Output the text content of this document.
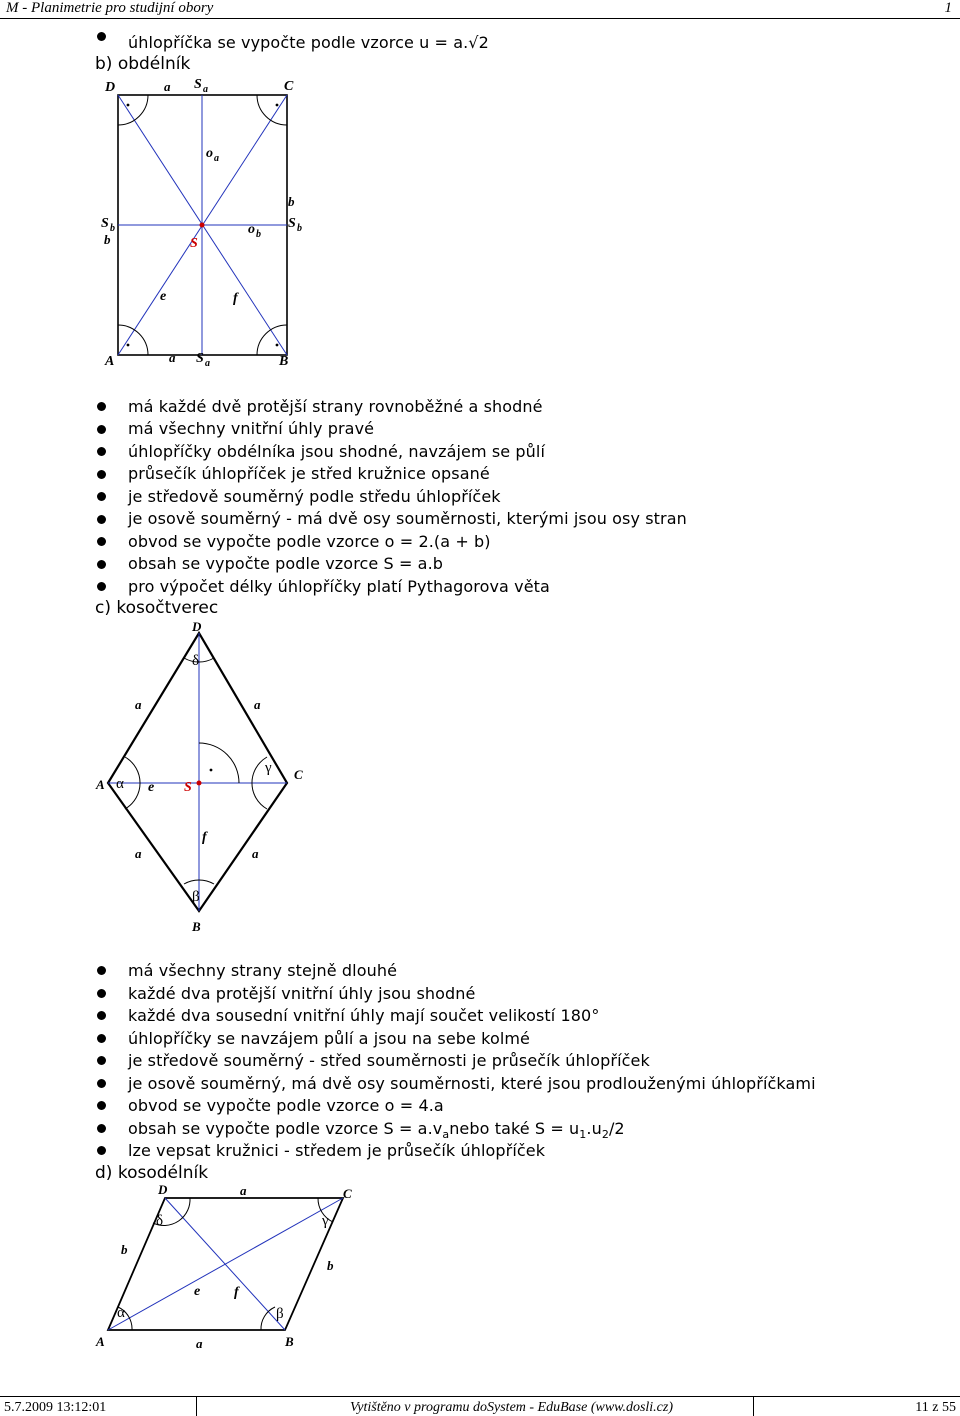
M - Planimetrie pro studijní obory	1
úhlopříčka se vypočte podle vzorce u = a.√2
b) obdélník
D	C
A	B
a
a
S a
S a
S b
b
b
S b
o a
o b
S
e	f
má každé dvě protější strany rovnoběžné a shodné
má všechny vnitřní úhly pravé
úhlopříčky obdélníka jsou shodné, navzájem se půlí
průsečík úhlopříček je střed kružnice opsané
je středově souměrný podle středu úhlopříček
je osově souměrný - má dvě osy souměrnosti, kterými jsou osy stran
obvod se vypočte podle vzorce o = 2.(a + b)
obsah se vypočte podle vzorce S = a.b
pro výpočet délky úhlopříčky platí Pythagorova věta
c) kosočtverec
D
C
A
B
a	a
a	a
e
f
S
α
β
γ
δ
má všechny strany stejně dlouhé
každé dva protější vnitřní úhly jsou shodné
každé dva sousední vnitřní úhly mají součet velikostí 180°
úhlopříčky se navzájem půlí a jsou na sebe kolmé
je středově souměrný - střed souměrnosti je průsečík úhlopříček
je osově souměrný, má dvě osy souměrnosti, které jsou prodlouženými úhlopříčkami
obvod se vypočte podle vzorce o = 4.a
obsah se vypočte podle vzorce $S = a.v_anebo$ také $S = u_1.u_2/2$
lze vepsat kružnici - středem je průsečík úhlopříček
d) kosodélník
D	C
A	B
a
a
b
b
e f
α	β
γ
δ
5.7.2009 13:12:01	Vytištěno v programu doSystem - EduBase (www.dosli.cz)	11 z 55
